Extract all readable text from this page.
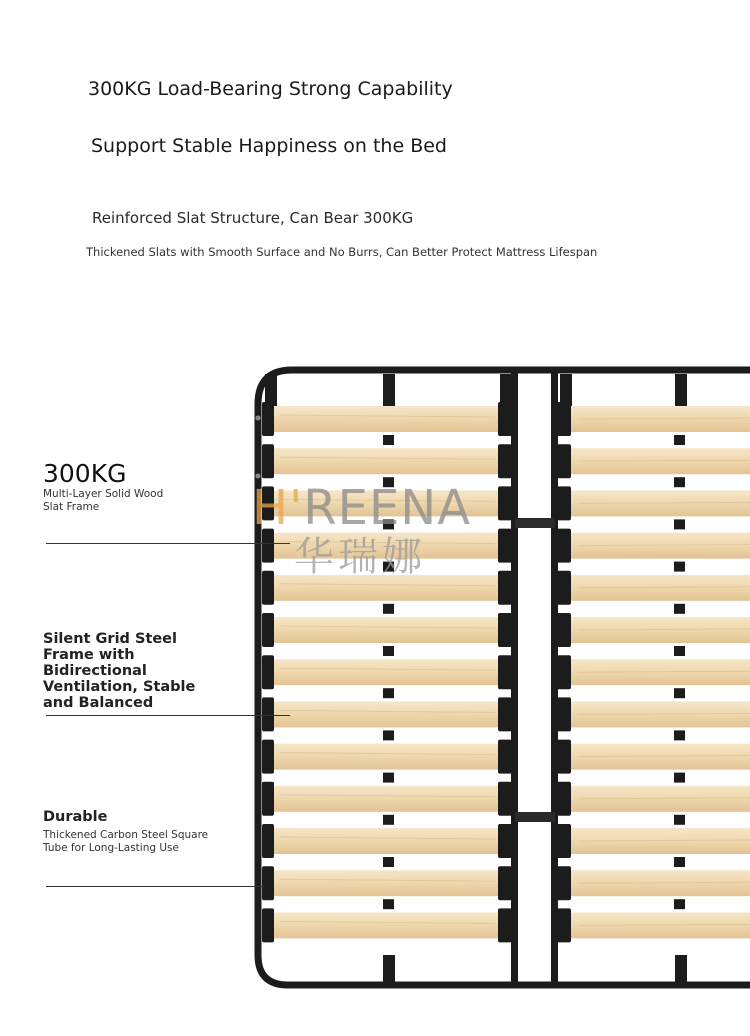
300KG Load-Bearing Strong Capability
Support Stable Happiness on the Bed
Reinforced Slat Structure, Can Bear 300KG
Thickened Slats with Smooth Surface and No Burrs, Can Better Protect Mattress Lifespan
H'REENA
华瑞娜
300KG
Multi-Layer Solid Wood Slat Frame
Silent Grid Steel Frame with Bidirectional Ventilation, Stable and Balanced
Durable
Thickened Carbon Steel Square Tube for Long-Lasting Use
